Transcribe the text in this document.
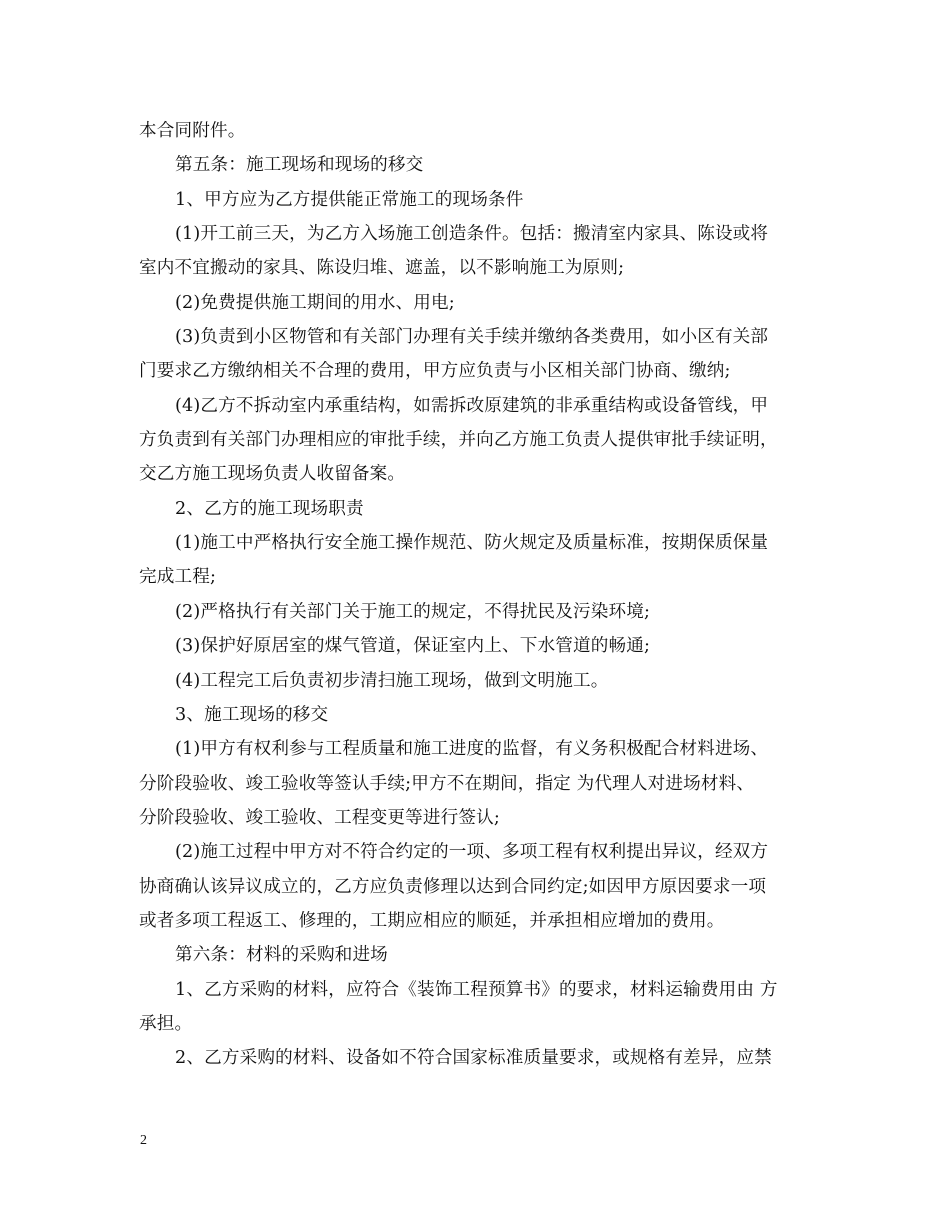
本合同附件。
第五条：施工现场和现场的移交
1、甲方应为乙方提供能正常施工的现场条件
(1)开工前三天，为乙方入场施工创造条件。包括：搬清室内家具、陈设或将
室内不宜搬动的家具、陈设归堆、遮盖，以不影响施工为原则;
(2)免费提供施工期间的用水、用电;
(3)负责到小区物管和有关部门办理有关手续并缴纳各类费用，如小区有关部
门要求乙方缴纳相关不合理的费用，甲方应负责与小区相关部门协商、缴纳;
(4)乙方不拆动室内承重结构，如需拆改原建筑的非承重结构或设备管线，甲
方负责到有关部门办理相应的审批手续，并向乙方施工负责人提供审批手续证明，
交乙方施工现场负责人收留备案。
2、乙方的施工现场职责
(1)施工中严格执行安全施工操作规范、防火规定及质量标准，按期保质保量
完成工程;
(2)严格执行有关部门关于施工的规定，不得扰民及污染环境;
(3)保护好原居室的煤气管道，保证室内上、下水管道的畅通;
(4)工程完工后负责初步清扫施工现场，做到文明施工。
3、施工现场的移交
(1)甲方有权利参与工程质量和施工进度的监督，有义务积极配合材料进场、
分阶段验收、竣工验收等签认手续;甲方不在期间，指定 为代理人对进场材料、
分阶段验收、竣工验收、工程变更等进行签认;
(2)施工过程中甲方对不符合约定的一项、多项工程有权利提出异议，经双方
协商确认该异议成立的，乙方应负责修理以达到合同约定;如因甲方原因要求一项
或者多项工程返工、修理的，工期应相应的顺延，并承担相应增加的费用。
第六条：材料的采购和进场
1、乙方采购的材料，应符合《装饰工程预算书》的要求，材料运输费用由 方
承担。
2、乙方采购的材料、设备如不符合国家标准质量要求，或规格有差异，应禁
2
